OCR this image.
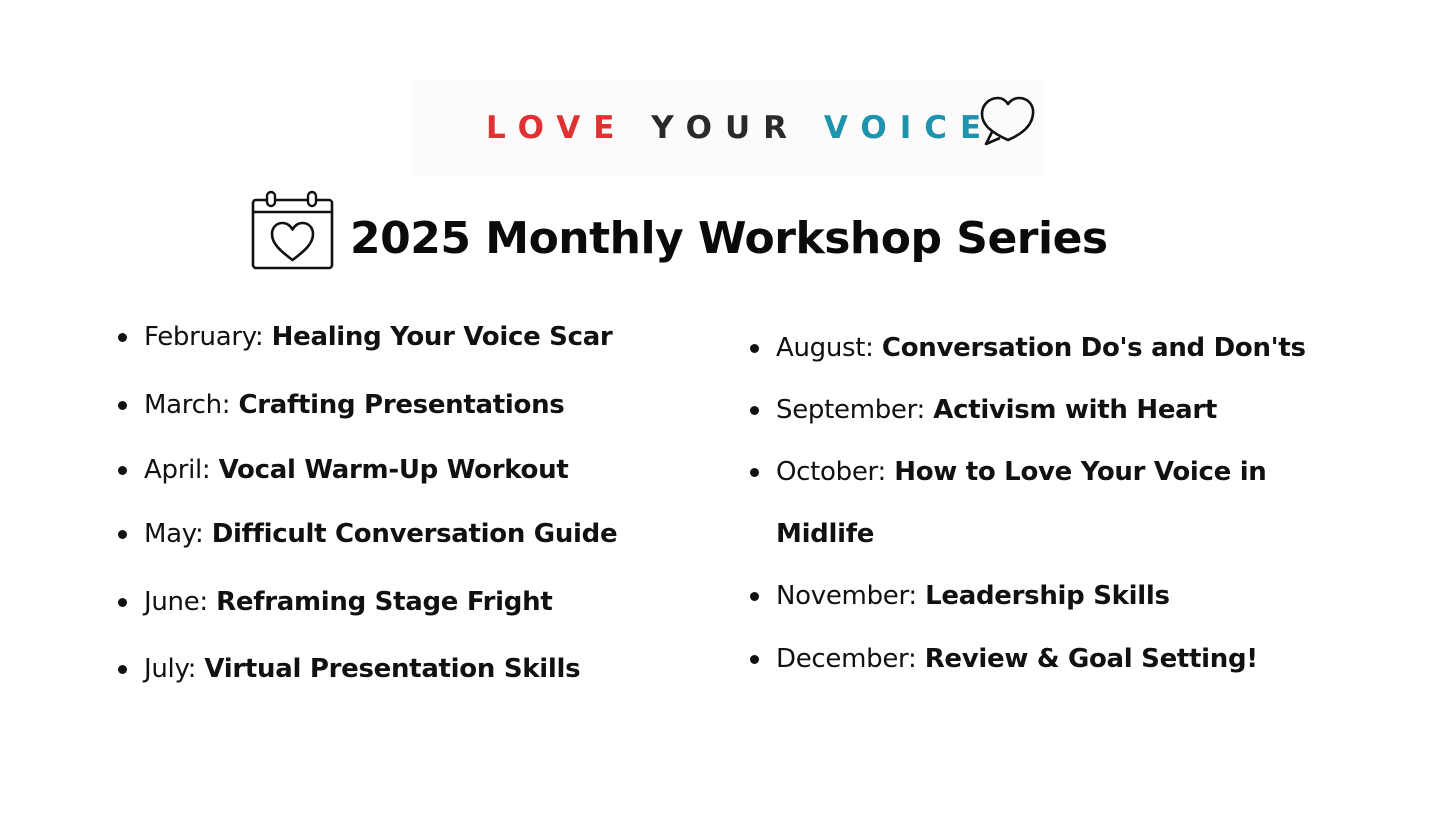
LOVE YOUR VOICE
2025 Monthly Workshop Series
February: Healing Your Voice Scar
March: Crafting Presentations
April: Vocal Warm-Up Workout
May: Difficult Conversation Guide
June: Reframing Stage Fright
July: Virtual Presentation Skills
August: Conversation Do's and Don'ts
September: Activism with Heart
October: How to Love Your Voice in
Midlife
November: Leadership Skills
December: Review & Goal Setting!
